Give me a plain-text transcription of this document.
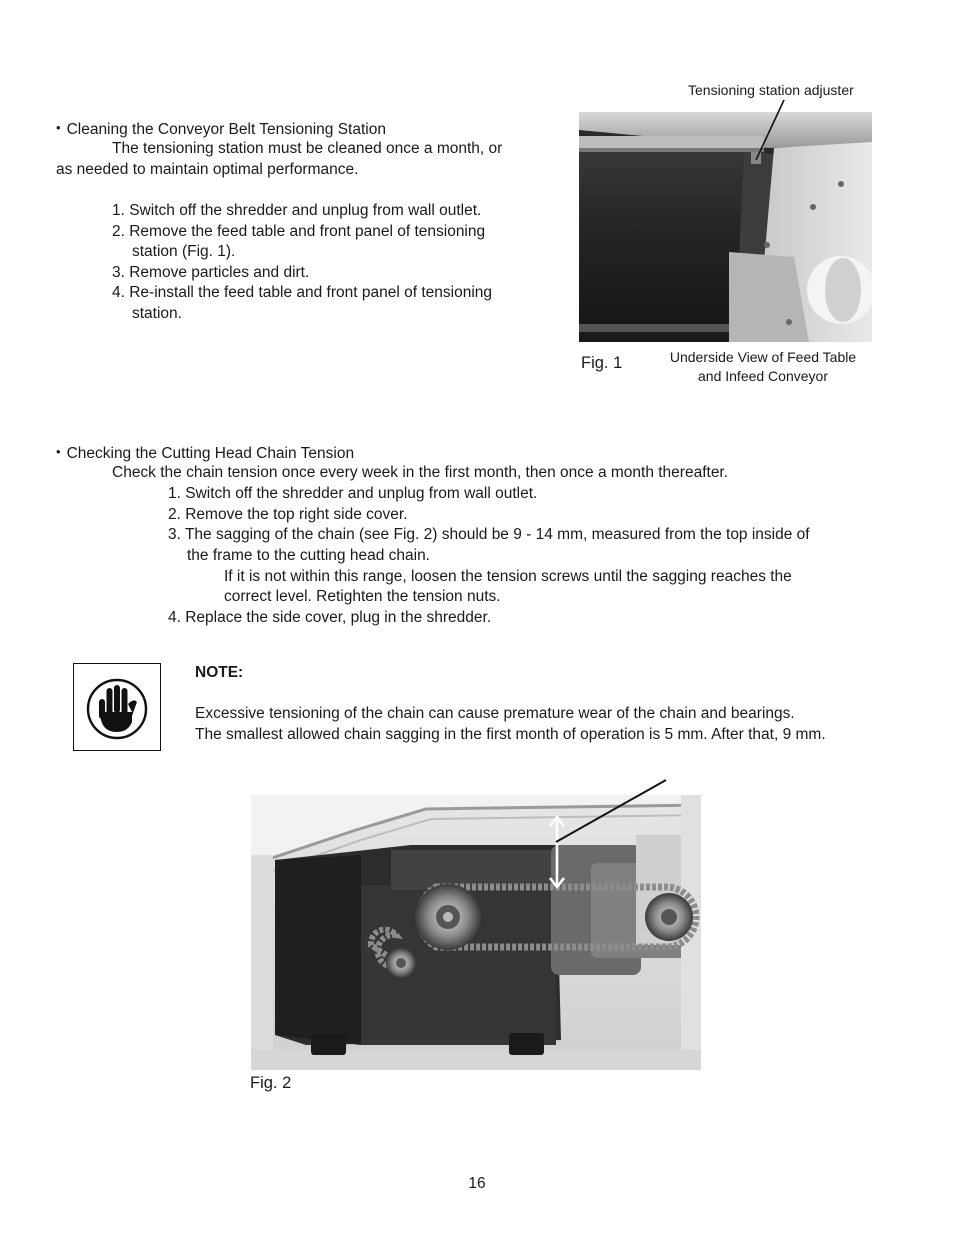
• Cleaning the Conveyor Belt Tensioning Station
The tensioning station must be cleaned once a month, or
as needed to maintain optimal performance.
1. Switch off the shredder and unplug from wall outlet.
2. Remove the feed table and front panel of tensioning
station (Fig. 1).
3. Remove particles and dirt.
4. Re-install the feed table and front panel of tensioning
station.
Tensioning station adjuster
Fig. 1	Underside View of Feed Table
and Infeed Conveyor
• Checking the Cutting Head Chain Tension
Check the chain tension once every week in the first month, then once a month thereafter.
1. Switch off the shredder and unplug from wall outlet.
2. Remove the top right side cover.
3. The sagging of the chain (see Fig. 2) should be 9 - 14 mm, measured from the top inside of
the frame to the cutting head chain.
If it is not within this range, loosen the tension screws until the sagging reaches the
correct level. Retighten the tension nuts.
4. Replace the side cover, plug in the shredder.
NOTE:
Excessive tensioning of the chain can cause premature wear of the chain and bearings.
The smallest allowed chain sagging in the first month of operation is 5 mm. After that, 9 mm.
Fig. 2
16
